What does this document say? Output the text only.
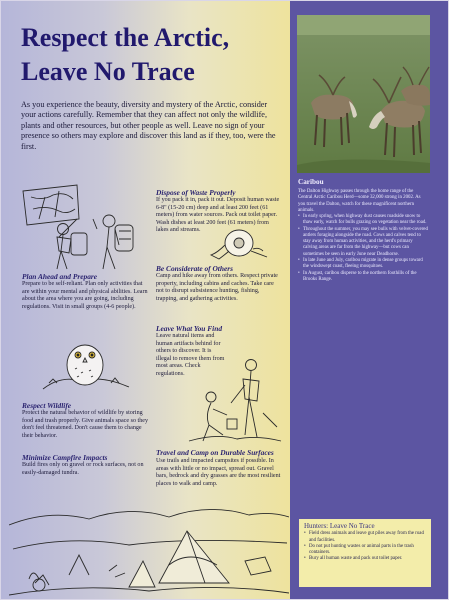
Respect the Arctic,
Leave No Trace

As you experience the beauty, diversity and mystery of the Arctic, consider your actions carefully. Remember that they can affect not only the wildlife, plants and other resources, but other people as well. Leave no sign of your presence so others may explore and discover this land as if they, too, were the first.

Plan Ahead and Prepare

Prepare to be self-reliant. Plan only activities that are within your mental and physical abilities. Learn about the area where you are going, including regulations. Visit in small groups (4-6 people).

Respect Wildlife

Protect the natural behavior of wildlife by storing food and trash properly. Give animals space so they don't feel threatened. Don't cause them to change their behavior.

Minimize Campfire Impacts

Build fires only on gravel or rock surfaces, not on easily-damaged tundra.

Dispose of Waste Properly

If you pack it in, pack it out. Deposit human waste 6-8" (15-20 cm) deep and at least 200 feet (61 meters) from water sources. Pack out toilet paper. Wash dishes at least 200 feet (61 meters) from lakes and streams.

Be Considerate of Others

Camp and hike away from others. Respect private property, including cabins and caches. Take care not to disrupt subsistence hunting, fishing, trapping, and gathering activities.

Leave What You Find

Leave natural items and human artifacts behind for others to discover. It is illegal to remove them from most areas. Check regulations.

Travel and Camp on Durable Surfaces

Use trails and impacted campsites if possible. In areas with little or no impact, spread out. Gravel bars, bedrock and dry grasses are the most resilient places to walk and camp.

Caribou

The Dalton Highway passes through the home range of the Central Arctic Caribou Herd—some 32,000 strong in 2002. As you travel the Dalton, watch for these magnificent northern animals.

• In early spring, when highway dust causes roadside snow to thaw early, watch for bulls grazing on vegetation near the road.
• Throughout the summer, you may see bulls with velvet-covered antlers foraging alongside the road. Cows and calves tend to stay away from human activities, and the herd's primary calving areas are far from the highway—but cows can sometimes be seen in early June near Deadhorse.
• In late June and July, caribou migrate in dense groups toward the windswept coast, fleeing mosquitoes.
• In August, caribou disperse to the northern foothills of the Brooks Range.
Hunters: Leave No Trace
• Field dress animals and leave gut piles away from the road and facilities.
• Do not put hunting wastes or animal parts in the trash containers.
• Bury all human waste and pack out toilet paper.
